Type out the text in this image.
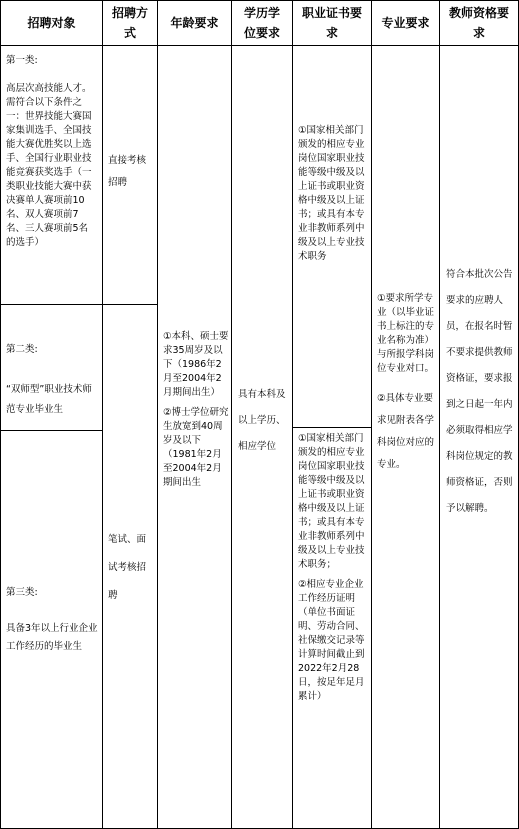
招聘对象
招聘方
式
年龄要求
学历学
位要求
职业证书要
求
专业要求
教师资格要
求

第一类:

高层次高技能人才。需符合以下条件之一：世界技能大赛国家集训选手、全国技能大赛优胜奖以上选手、全国行业职业技能竞赛获奖选手（一类职业技能大赛中获决赛单人赛项前10名、双人赛项前7名、三人赛项前5名的选手）

第二类:

“双师型”职业技术师范专业毕业生

第三类:

具备3年以上行业企业工作经历的毕业生

直接考核招聘

笔试、面试考核招聘

①本科、硕士要求35周岁及以下（1986年2月至2004年2月期间出生）

②博士学位研究生放宽到40周岁及以下（1981年2月至2004年2月期间出生

具有本科及以上学历、相应学位

①国家相关部门颁发的相应专业岗位国家职业技能等级中级及以上证书或职业资格中级及以上证书；或具有本专业非教师系列中级及以上专业技术职务

①国家相关部门颁发的相应专业岗位国家职业技能等级中级及以上证书或职业资格中级及以上证书；或具有本专业非教师系列中级及以上专业技术职务；

②相应专业企业工作经历证明（单位书面证明、劳动合同、社保缴交记录等计算时间截止到2022年2月28日，按足年足月累计）

①要求所学专业（以毕业证书上标注的专业名称为准）与所报学科岗位专业对口。

②具体专业要求见附表各学科岗位对应的专业。

符合本批次公告要求的应聘人员，在报名时暂不要求提供教师资格证，要求报到之日起一年内必须取得相应学科岗位规定的教师资格证，否则予以解聘。
